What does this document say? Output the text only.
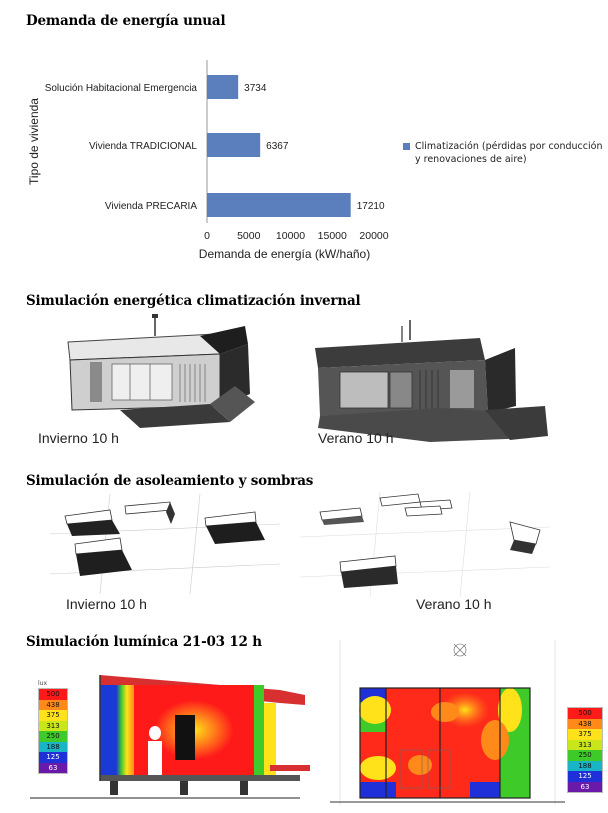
Demanda de energía unual
Solución Habitacional Emergencia	3734
Vivienda TRADICIONAL	6367
Vivienda PRECARIA	17210
0	5000 10000 15000 20000
Demanda de energía (kW/haño)
Tipo de vivienda	Climatización (pérdidas por conducción y renovaciones de aire)
Simulación energética climatización invernal
Invierno 10 h	Verano 10 h
Simulación de asoleamiento y sombras
Invierno 10 h	Verano 10 h
Simulación lumínica 21-03 12 h
lux
500
438
375
313
250
188
125
63
500
438
375
313
250
188
125
63
